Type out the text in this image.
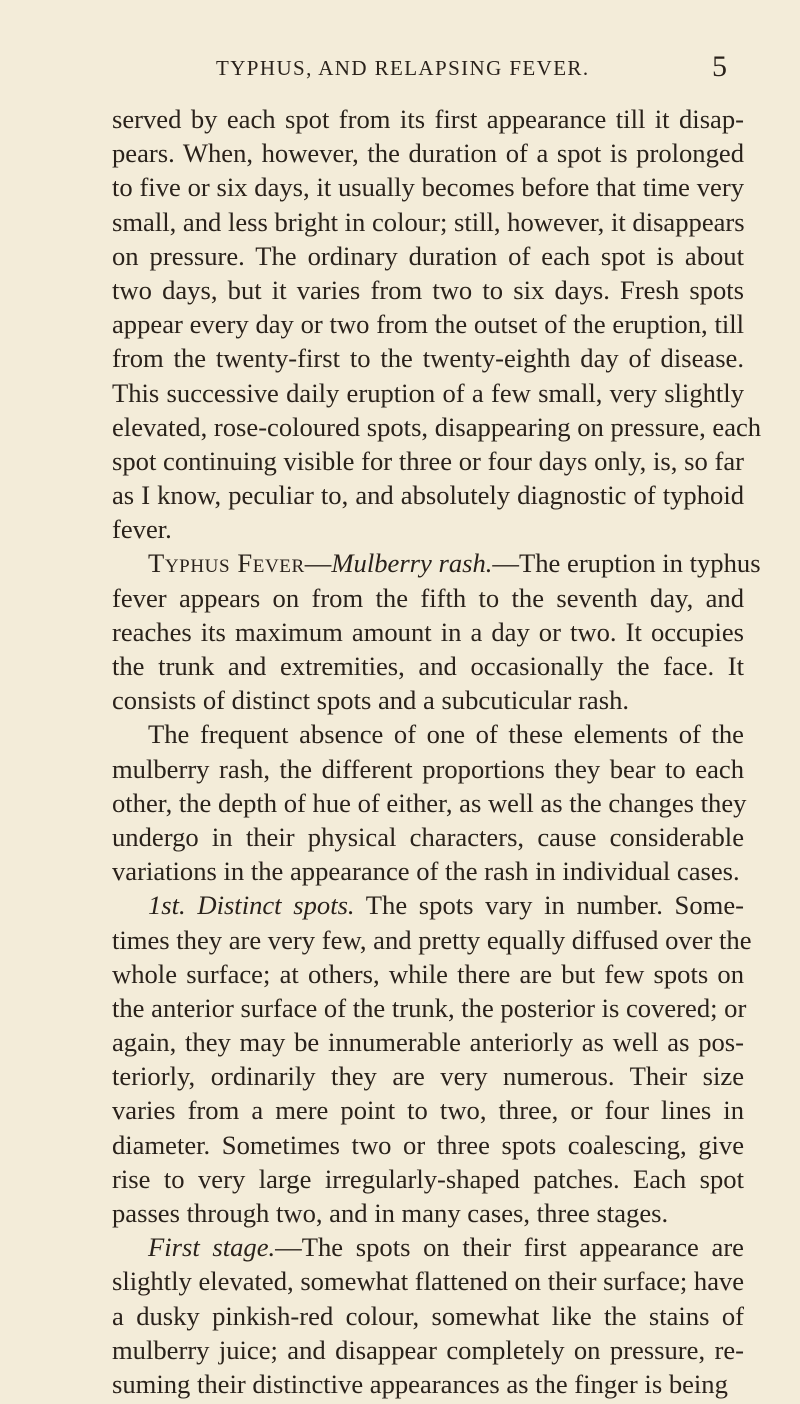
TYPHUS, AND RELAPSING FEVER.	5
served by each spot from its first appearance till it disap-
pears. When, however, the duration of a spot is prolonged
to five or six days, it usually becomes before that time very
small, and less bright in colour; still, however, it disappears
on pressure. The ordinary duration of each spot is about
two days, but it varies from two to six days. Fresh spots
appear every day or two from the outset of the eruption, till
from the twenty-first to the twenty-eighth day of disease.
This successive daily eruption of a few small, very slightly
elevated, rose-coloured spots, disappearing on pressure, each
spot continuing visible for three or four days only, is, so far
as I know, peculiar to, and absolutely diagnostic of typhoid
fever.
Typhus Fever—Mulberry rash.—The eruption in typhus
fever appears on from the fifth to the seventh day, and
reaches its maximum amount in a day or two. It occupies
the trunk and extremities, and occasionally the face. It
consists of distinct spots and a subcuticular rash.
The frequent absence of one of these elements of the
mulberry rash, the different proportions they bear to each
other, the depth of hue of either, as well as the changes they
undergo in their physical characters, cause considerable
variations in the appearance of the rash in individual cases.
1st. Distinct spots. The spots vary in number. Some-
times they are very few, and pretty equally diffused over the
whole surface; at others, while there are but few spots on
the anterior surface of the trunk, the posterior is covered; or
again, they may be innumerable anteriorly as well as pos-
teriorly, ordinarily they are very numerous. Their size
varies from a mere point to two, three, or four lines in
diameter. Sometimes two or three spots coalescing, give
rise to very large irregularly-shaped patches. Each spot
passes through two, and in many cases, three stages.
First stage.—The spots on their first appearance are
slightly elevated, somewhat flattened on their surface; have
a dusky pinkish-red colour, somewhat like the stains of
mulberry juice; and disappear completely on pressure, re-
suming their distinctive appearances as the finger is being
